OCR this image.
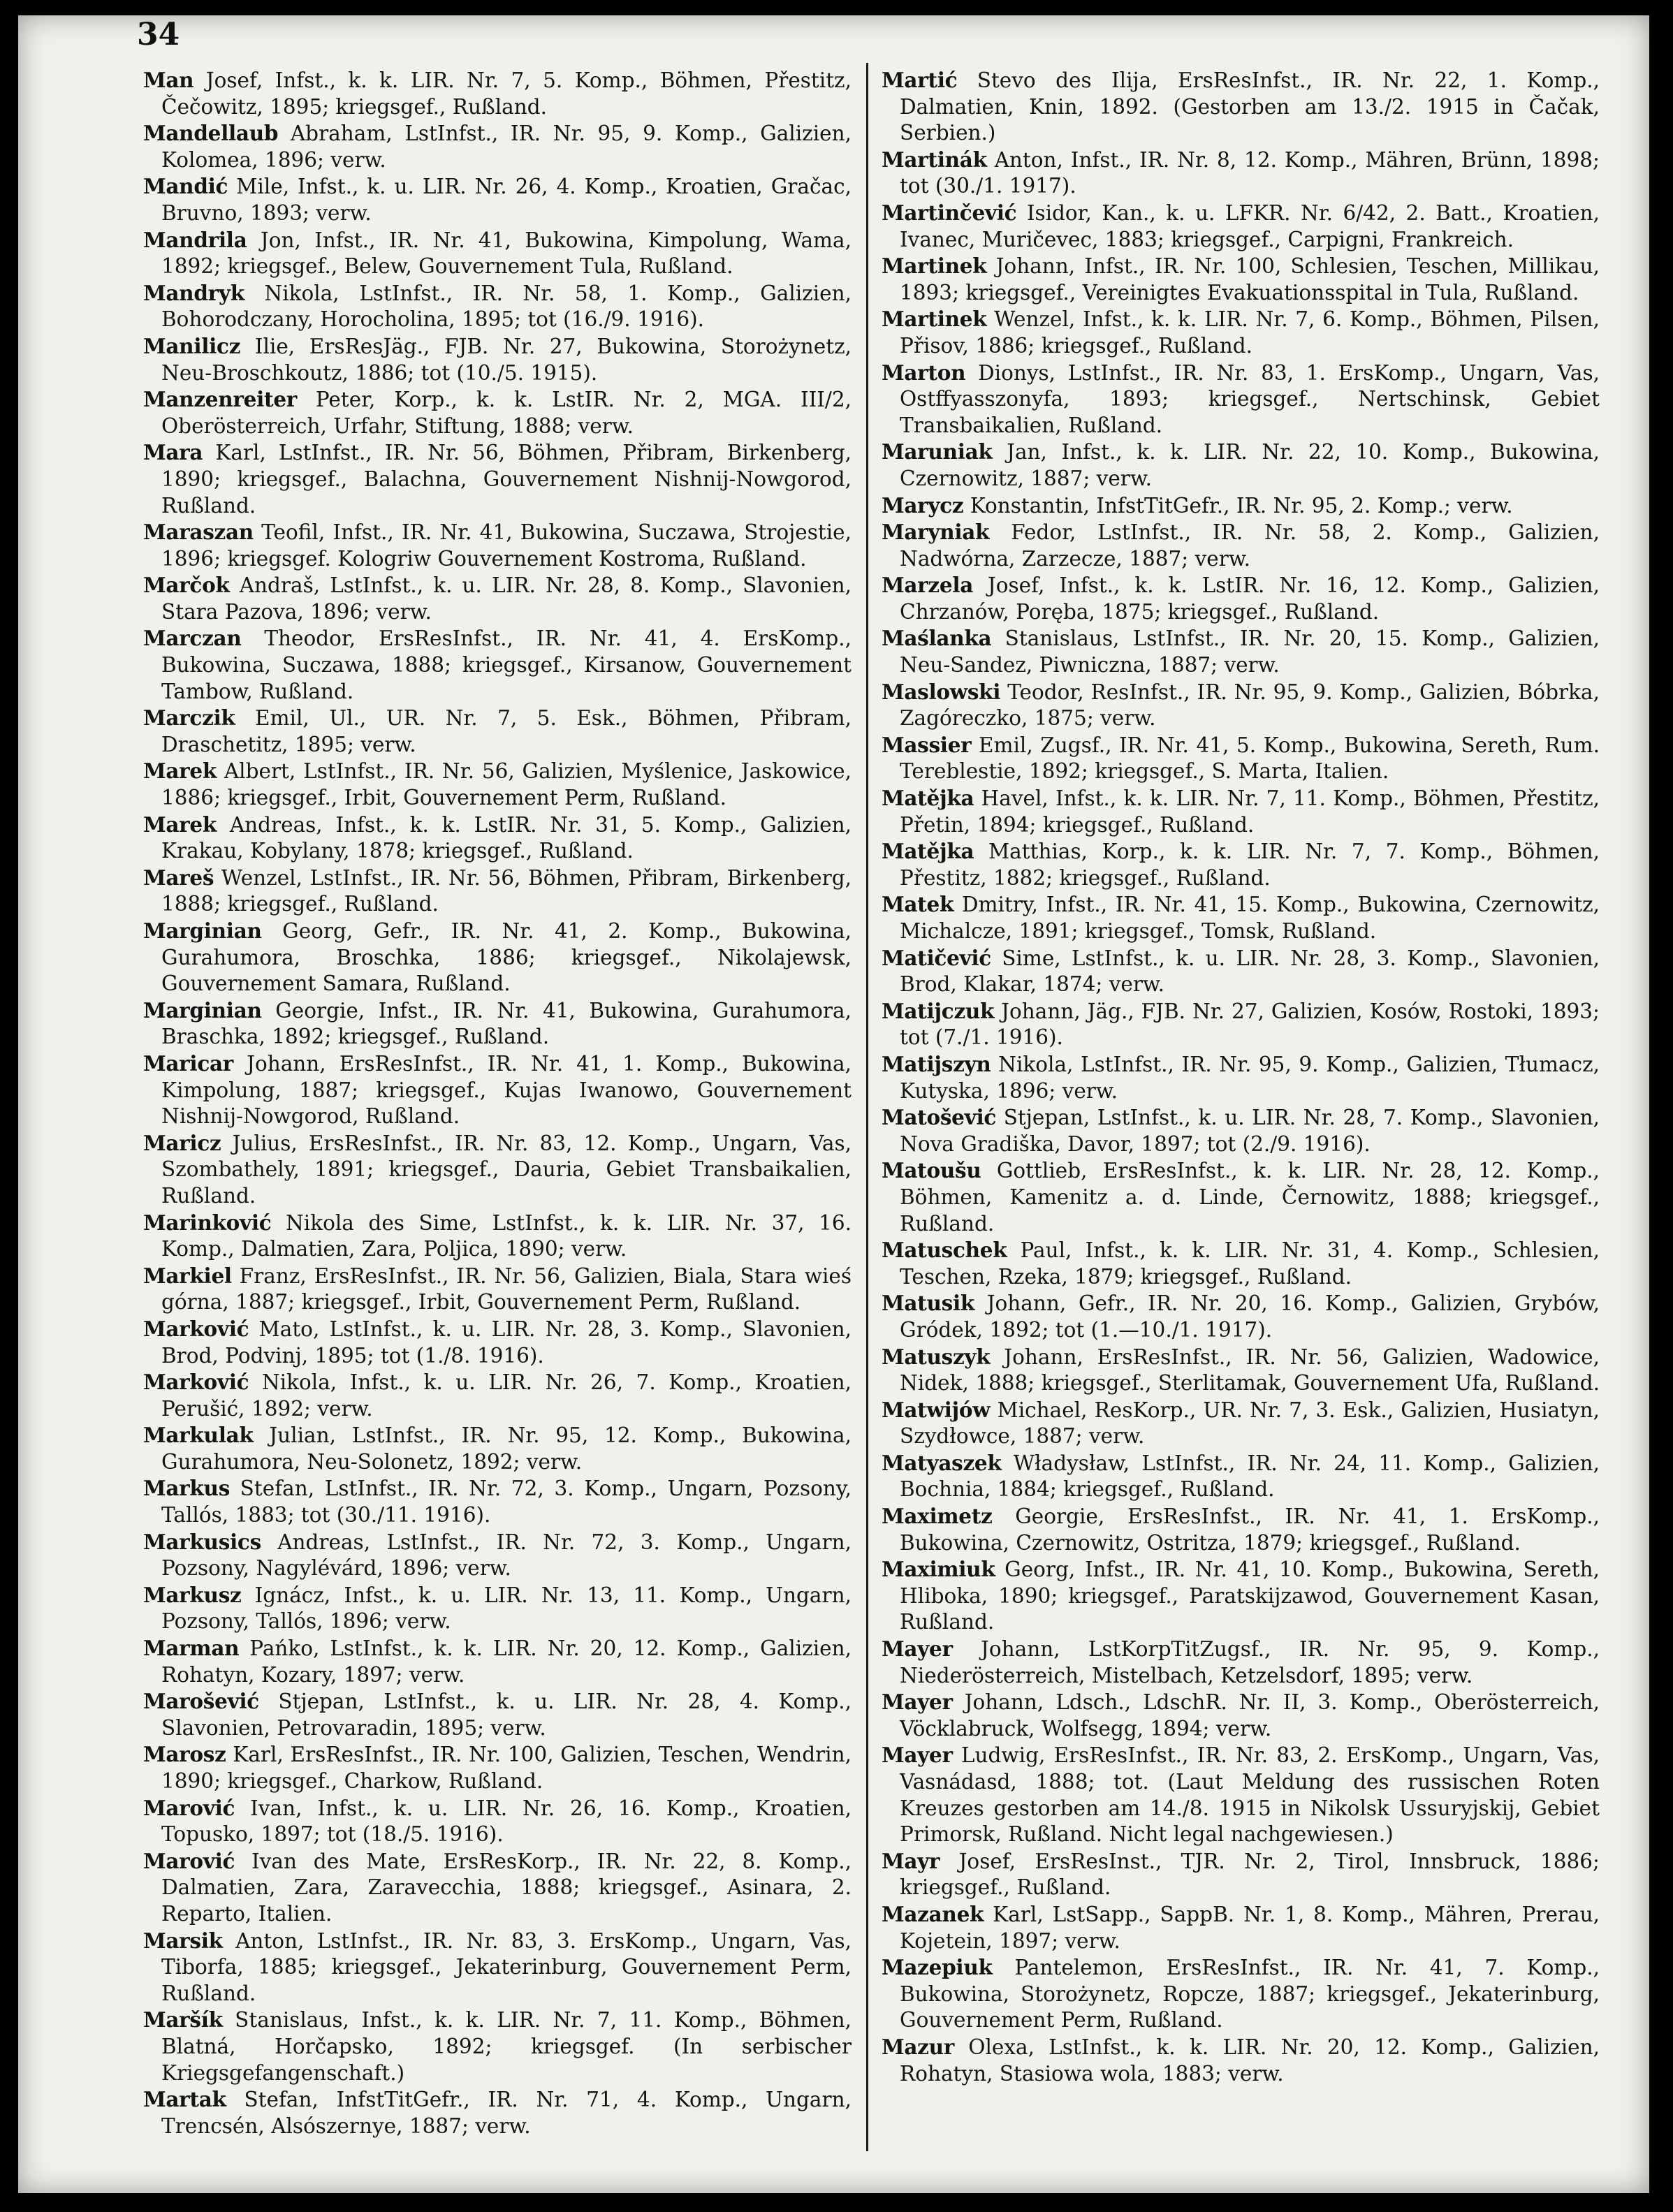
34

Man Josef, Infst., k. k. LIR. Nr. 7, 5. Komp., Böhmen, Přestitz, Čečowitz, 1895; kriegsgef., Rußland.

Mandellaub Abraham, LstInfst., IR. Nr. 95, 9. Komp., Galizien, Kolomea, 1896; verw.

Mandić Mile, Infst., k. u. LIR. Nr. 26, 4. Komp., Kroatien, Gračac, Bruvno, 1893; verw.

Mandrila Jon, Infst., IR. Nr. 41, Bukowina, Kimpolung, Wama, 1892; kriegsgef., Belew, Gouvernement Tula, Rußland.

Mandryk Nikola, LstInfst., IR. Nr. 58, 1. Komp., Galizien, Bohorodczany, Horocholina, 1895; tot (16./9. 1916).

Manilicz Ilie, ErsResJäg., FJB. Nr. 27, Bukowina, Storożynetz, Neu-Broschkoutz, 1886; tot (10./5. 1915).

Manzenreiter Peter, Korp., k. k. LstIR. Nr. 2, MGA. III/2, Oberösterreich, Urfahr, Stiftung, 1888; verw.

Mara Karl, LstInfst., IR. Nr. 56, Böhmen, Přibram, Birkenberg, 1890; kriegsgef., Balachna, Gouvernement Nishnij-Nowgorod, Rußland.

Maraszan Teofil, Infst., IR. Nr. 41, Bukowina, Suczawa, Strojestie, 1896; kriegsgef. Kologriw Gouvernement Kostroma, Rußland.

Marčok Andraš, LstInfst., k. u. LIR. Nr. 28, 8. Komp., Slavonien, Stara Pazova, 1896; verw.

Marczan Theodor, ErsResInfst., IR. Nr. 41, 4. ErsKomp., Bukowina, Suczawa, 1888; kriegsgef., Kirsanow, Gouvernement Tambow, Rußland.

Marczik Emil, Ul., UR. Nr. 7, 5. Esk., Böhmen, Přibram, Draschetitz, 1895; verw.

Marek Albert, LstInfst., IR. Nr. 56, Galizien, Myślenice, Jaskowice, 1886; kriegsgef., Irbit, Gouvernement Perm, Rußland.

Marek Andreas, Infst., k. k. LstIR. Nr. 31, 5. Komp., Galizien, Krakau, Kobylany, 1878; kriegsgef., Rußland.

Mareš Wenzel, LstInfst., IR. Nr. 56, Böhmen, Přibram, Birkenberg, 1888; kriegsgef., Rußland.

Marginian Georg, Gefr., IR. Nr. 41, 2. Komp., Bukowina, Gurahumora, Broschka, 1886; kriegsgef., Nikolajewsk, Gouvernement Samara, Rußland.

Marginian Georgie, Infst., IR. Nr. 41, Bukowina, Gurahumora, Braschka, 1892; kriegsgef., Rußland.

Maricar Johann, ErsResInfst., IR. Nr. 41, 1. Komp., Bukowina, Kimpolung, 1887; kriegsgef., Kujas Iwanowo, Gouvernement Nishnij-Nowgorod, Rußland.

Maricz Julius, ErsResInfst., IR. Nr. 83, 12. Komp., Ungarn, Vas, Szombathely, 1891; kriegsgef., Dauria, Gebiet Transbaikalien, Rußland.

Marinković Nikola des Sime, LstInfst., k. k. LIR. Nr. 37, 16. Komp., Dalmatien, Zara, Poljica, 1890; verw.

Markiel Franz, ErsResInfst., IR. Nr. 56, Galizien, Biala, Stara wieś górna, 1887; kriegsgef., Irbit, Gouvernement Perm, Rußland.

Marković Mato, LstInfst., k. u. LIR. Nr. 28, 3. Komp., Slavonien, Brod, Podvinj, 1895; tot (1./8. 1916).

Marković Nikola, Infst., k. u. LIR. Nr. 26, 7. Komp., Kroatien, Perušić, 1892; verw.

Markulak Julian, LstInfst., IR. Nr. 95, 12. Komp., Bukowina, Gurahumora, Neu-Solonetz, 1892; verw.

Markus Stefan, LstInfst., IR. Nr. 72, 3. Komp., Ungarn, Pozsony, Tallós, 1883; tot (30./11. 1916).

Markusics Andreas, LstInfst., IR. Nr. 72, 3. Komp., Ungarn, Pozsony, Nagylévárd, 1896; verw.

Markusz Ignácz, Infst., k. u. LIR. Nr. 13, 11. Komp., Ungarn, Pozsony, Tallós, 1896; verw.

Marman Pańko, LstInfst., k. k. LIR. Nr. 20, 12. Komp., Galizien, Rohatyn, Kozary, 1897; verw.

Marošević Stjepan, LstInfst., k. u. LIR. Nr. 28, 4. Komp., Slavonien, Petrovaradin, 1895; verw.

Marosz Karl, ErsResInfst., IR. Nr. 100, Galizien, Teschen, Wendrin, 1890; kriegsgef., Charkow, Rußland.

Marović Ivan, Infst., k. u. LIR. Nr. 26, 16. Komp., Kroatien, Topusko, 1897; tot (18./5. 1916).

Marović Ivan des Mate, ErsResKorp., IR. Nr. 22, 8. Komp., Dalmatien, Zara, Zaravecchia, 1888; kriegsgef., Asinara, 2. Reparto, Italien.

Marsik Anton, LstInfst., IR. Nr. 83, 3. ErsKomp., Ungarn, Vas, Tiborfa, 1885; kriegsgef., Jekaterinburg, Gouvernement Perm, Rußland.

Maršík Stanislaus, Infst., k. k. LIR. Nr. 7, 11. Komp., Böhmen, Blatná, Horčapsko, 1892; kriegsgef. (In serbischer Kriegsgefangenschaft.)

Martak Stefan, InfstTitGefr., IR. Nr. 71, 4. Komp., Ungarn, Trencsén, Alsószernye, 1887; verw.

Martić Stevo des Ilija, ErsResInfst., IR. Nr. 22, 1. Komp., Dalmatien, Knin, 1892. (Gestorben am 13./2. 1915 in Čačak, Serbien.)

Martinák Anton, Infst., IR. Nr. 8, 12. Komp., Mähren, Brünn, 1898; tot (30./1. 1917).

Martinčević Isidor, Kan., k. u. LFKR. Nr. 6/42, 2. Batt., Kroatien, Ivanec, Muričevec, 1883; kriegsgef., Carpigni, Frankreich.

Martinek Johann, Infst., IR. Nr. 100, Schlesien, Teschen, Millikau, 1893; kriegsgef., Vereinigtes Evakuationsspital in Tula, Rußland.

Martinek Wenzel, Infst., k. k. LIR. Nr. 7, 6. Komp., Böhmen, Pilsen, Přisov, 1886; kriegsgef., Rußland.

Marton Dionys, LstInfst., IR. Nr. 83, 1. ErsKomp., Ungarn, Vas, Ostffyasszonyfa, 1893; kriegsgef., Nertschinsk, Gebiet Transbaikalien, Rußland.

Maruniak Jan, Infst., k. k. LIR. Nr. 22, 10. Komp., Bukowina, Czernowitz, 1887; verw.

Marycz Konstantin, InfstTitGefr., IR. Nr. 95, 2. Komp.; verw.

Maryniak Fedor, LstInfst., IR. Nr. 58, 2. Komp., Galizien, Nadwórna, Zarzecze, 1887; verw.

Marzela Josef, Infst., k. k. LstIR. Nr. 16, 12. Komp., Galizien, Chrzanów, Poręba, 1875; kriegsgef., Rußland.

Maślanka Stanislaus, LstInfst., IR. Nr. 20, 15. Komp., Galizien, Neu-Sandez, Piwniczna, 1887; verw.

Maslowski Teodor, ResInfst., IR. Nr. 95, 9. Komp., Galizien, Bóbrka, Zagóreczko, 1875; verw.

Massier Emil, Zugsf., IR. Nr. 41, 5. Komp., Bukowina, Sereth, Rum. Tereblestie, 1892; kriegsgef., S. Marta, Italien.

Matějka Havel, Infst., k. k. LIR. Nr. 7, 11. Komp., Böhmen, Přestitz, Přetin, 1894; kriegsgef., Rußland.

Matějka Matthias, Korp., k. k. LIR. Nr. 7, 7. Komp., Böhmen, Přestitz, 1882; kriegsgef., Rußland.

Matek Dmitry, Infst., IR. Nr. 41, 15. Komp., Bukowina, Czernowitz, Michalcze, 1891; kriegsgef., Tomsk, Rußland.

Matičević Sime, LstInfst., k. u. LIR. Nr. 28, 3. Komp., Slavonien, Brod, Klakar, 1874; verw.

Matijczuk Johann, Jäg., FJB. Nr. 27, Galizien, Kosów, Rostoki, 1893; tot (7./1. 1916).

Matijszyn Nikola, LstInfst., IR. Nr. 95, 9. Komp., Galizien, Tłumacz, Kutyska, 1896; verw.

Matošević Stjepan, LstInfst., k. u. LIR. Nr. 28, 7. Komp., Slavonien, Nova Gradiška, Davor, 1897; tot (2./9. 1916).

Matoušu Gottlieb, ErsResInfst., k. k. LIR. Nr. 28, 12. Komp., Böhmen, Kamenitz a. d. Linde, Černowitz, 1888; kriegsgef., Rußland.

Matuschek Paul, Infst., k. k. LIR. Nr. 31, 4. Komp., Schlesien, Teschen, Rzeka, 1879; kriegsgef., Rußland.

Matusik Johann, Gefr., IR. Nr. 20, 16. Komp., Galizien, Grybów, Gródek, 1892; tot (1.—10./1. 1917).

Matuszyk Johann, ErsResInfst., IR. Nr. 56, Galizien, Wadowice, Nidek, 1888; kriegsgef., Sterlitamak, Gouvernement Ufa, Rußland.

Matwijów Michael, ResKorp., UR. Nr. 7, 3. Esk., Galizien, Husiatyn, Szydłowce, 1887; verw.

Matyaszek Władysław, LstInfst., IR. Nr. 24, 11. Komp., Galizien, Bochnia, 1884; kriegsgef., Rußland.

Maximetz Georgie, ErsResInfst., IR. Nr. 41, 1. ErsKomp., Bukowina, Czernowitz, Ostritza, 1879; kriegsgef., Rußland.

Maximiuk Georg, Infst., IR. Nr. 41, 10. Komp., Bukowina, Sereth, Hliboka, 1890; kriegsgef., Paratskijzawod, Gouvernement Kasan, Rußland.

Mayer Johann, LstKorpTitZugsf., IR. Nr. 95, 9. Komp., Niederösterreich, Mistelbach, Ketzelsdorf, 1895; verw.

Mayer Johann, Ldsch., LdschR. Nr. II, 3. Komp., Oberösterreich, Vöcklabruck, Wolfsegg, 1894; verw.

Mayer Ludwig, ErsResInfst., IR. Nr. 83, 2. ErsKomp., Ungarn, Vas, Vasnádasd, 1888; tot. (Laut Meldung des russischen Roten Kreuzes gestorben am 14./8. 1915 in Nikolsk Ussuryjskij, Gebiet Primorsk, Rußland. Nicht legal nachgewiesen.)

Mayr Josef, ErsResInst., TJR. Nr. 2, Tirol, Innsbruck, 1886; kriegsgef., Rußland.

Mazanek Karl, LstSapp., SappB. Nr. 1, 8. Komp., Mähren, Prerau, Kojetein, 1897; verw.

Mazepiuk Pantelemon, ErsResInfst., IR. Nr. 41, 7. Komp., Bukowina, Storożynetz, Ropcze, 1887; kriegsgef., Jekaterinburg, Gouvernement Perm, Rußland.

Mazur Olexa, LstInfst., k. k. LIR. Nr. 20, 12. Komp., Galizien, Rohatyn, Stasiowa wola, 1883; verw.
